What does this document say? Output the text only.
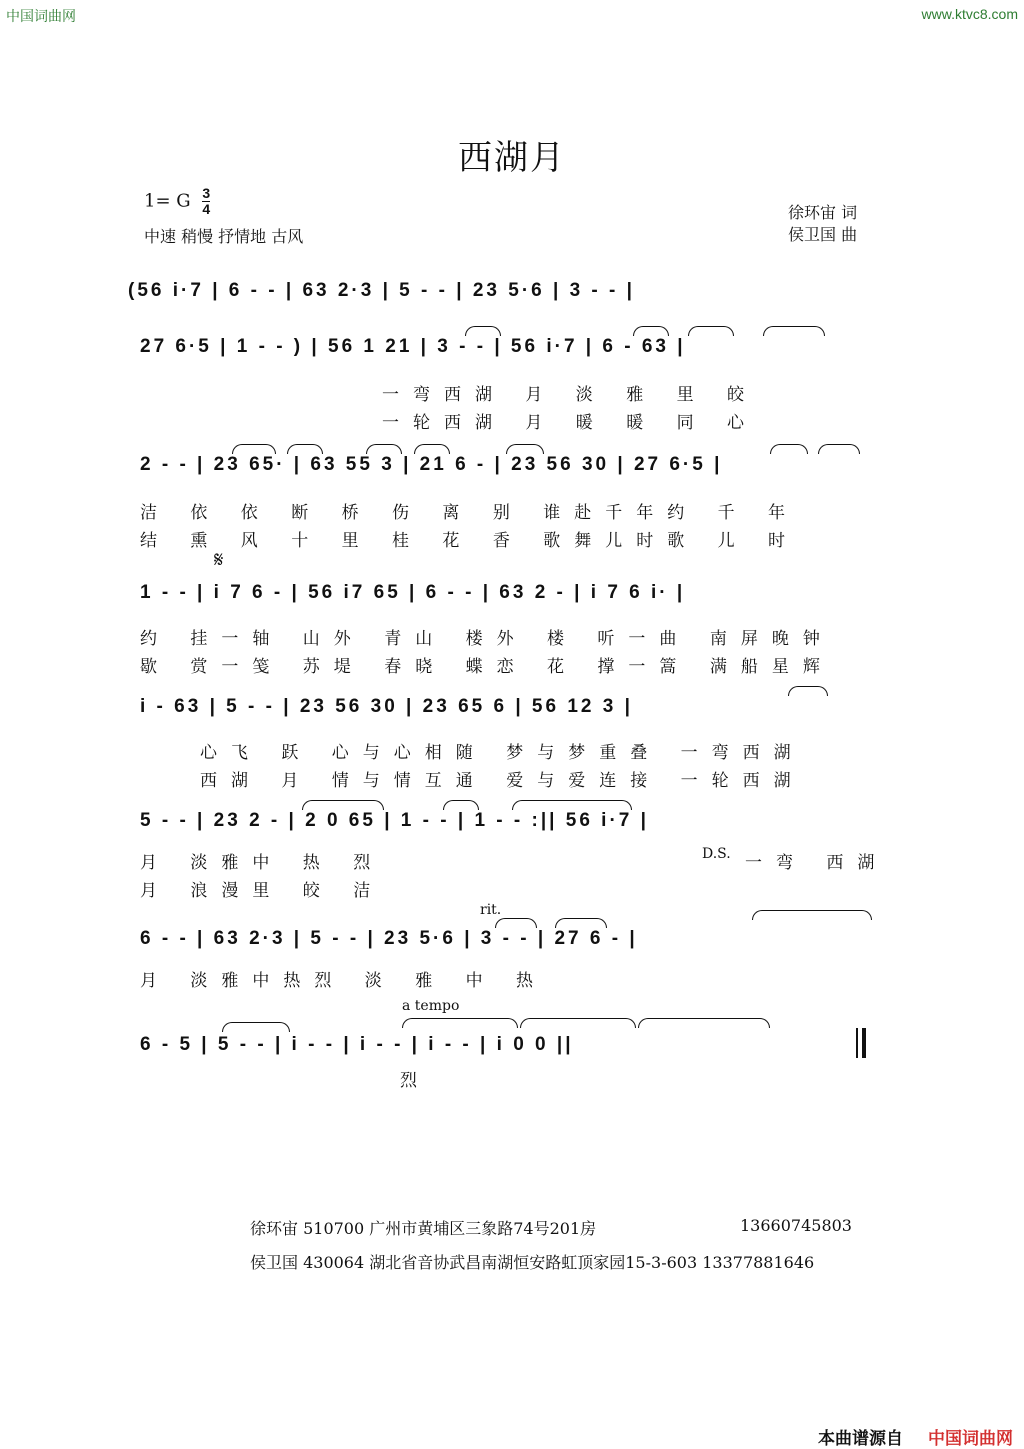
中国词曲网	www.ktvc8.com
西湖月
1= G $\frac{3}{4}$
中速 稍慢 抒情地 古风
徐环宙 词
侯卫国 曲
(56 i·7 | 6 - - | 63 2·3 | 5 - - | 23 5·6 | 3 - - |
27 6·5 | 1 - - ) | 56 1 21 | 3 - - | 56 i·7 | 6 - 63 |
一弯西湖 月 淡 雅 里 皎
一轮西湖 月 暖 暖 同 心
2 - - | 23 65· | 63 55 3 | 21 6 - | 23 56 30 | 27 6·5 |
洁 依 依 断 桥 伤 离 别 谁赴千年约 千 年
结 熏 风 十 里 桂 花 香 歌舞儿时歌 儿 时
𝄋
1 - - | i 7 6 - | 56 i7 65 | 6 - - | 63 2 - | i 7 6 i· |
约 挂一轴 山外 青山 楼外 楼 听一曲 南屏晚钟
歇 赏一笺 苏堤 春晓 蝶恋 花 撑一篙 满船星辉
i - 63 | 5 - - | 23 56 30 | 23 65 6 | 56 12 3 |
心飞 跃 心与心相随 梦与梦重叠 一弯西湖
西湖 月 情与情互通 爱与爱连接 一轮西湖
5 - - | 23 2 - | 2 0 65 | 1 - - | 1 - - :|| 56 i·7 |
月 淡雅中 热 烈
月 浪漫里 皎 洁
D.S. 一弯 西湖
rit.
6 - - | 63 2·3 | 5 - - | 23 5·6 | 3 - - | 27 6 - |
月 淡雅中热烈 淡 雅 中 热
a tempo
6 - 5 | 5 - - | i - - | i - - | i - - | i 0 0 ||
烈
徐环宙 510700 广州市黄埔区三象路74号201房	13660745803
侯卫国 430064 湖北省音协武昌南湖恒安路虹顶家园15-3-603 13377881646
本曲谱源自 中国词曲网
